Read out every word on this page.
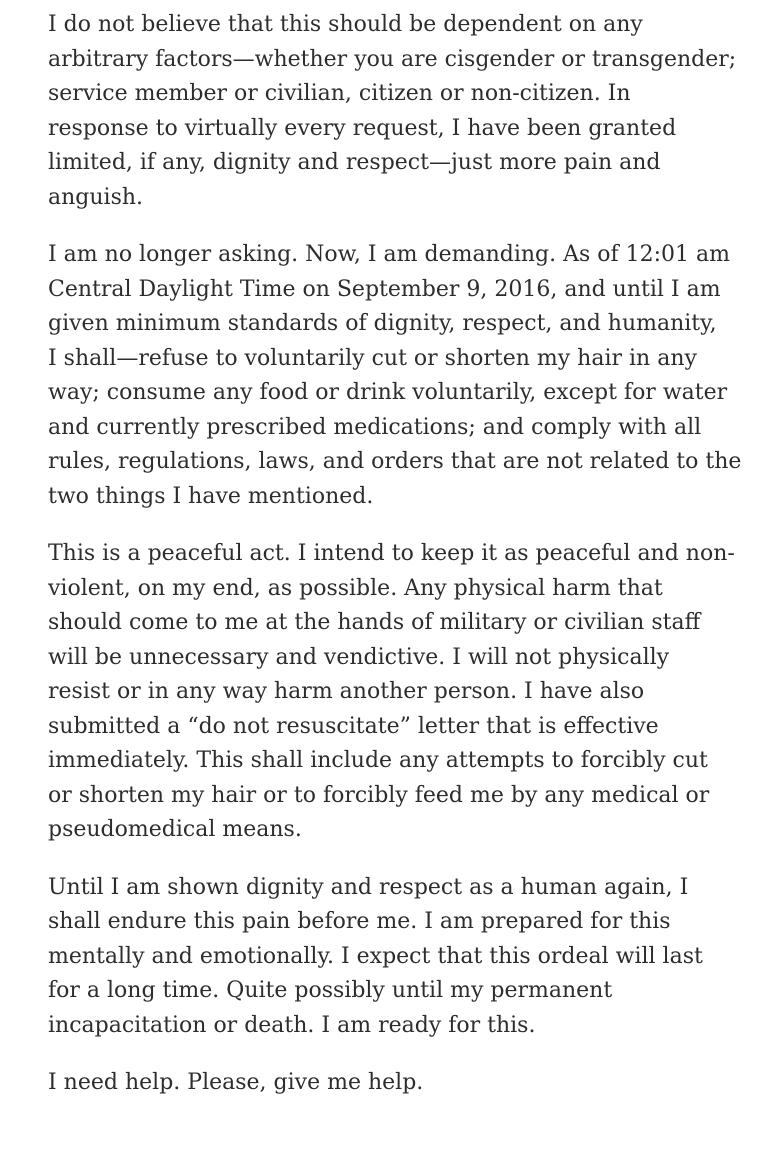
I do not believe that this should be dependent on any
arbitrary factors—whether you are cisgender or transgender;
service member or civilian, citizen or non-citizen. In
response to virtually every request, I have been granted
limited, if any, dignity and respect—just more pain and
anguish.

I am no longer asking. Now, I am demanding. As of 12:01 am
Central Daylight Time on September 9, 2016, and until I am
given minimum standards of dignity, respect, and humanity,
I shall—refuse to voluntarily cut or shorten my hair in any
way; consume any food or drink voluntarily, except for water
and currently prescribed medications; and comply with all
rules, regulations, laws, and orders that are not related to the
two things I have mentioned.

This is a peaceful act. I intend to keep it as peaceful and non-
violent, on my end, as possible. Any physical harm that
should come to me at the hands of military or civilian staff
will be unnecessary and vendictive. I will not physically
resist or in any way harm another person. I have also
submitted a “do not resuscitate” letter that is effective
immediately. This shall include any attempts to forcibly cut
or shorten my hair or to forcibly feed me by any medical or
pseudomedical means.

Until I am shown dignity and respect as a human again, I
shall endure this pain before me. I am prepared for this
mentally and emotionally. I expect that this ordeal will last
for a long time. Quite possibly until my permanent
incapacitation or death. I am ready for this.

I need help. Please, give me help.
